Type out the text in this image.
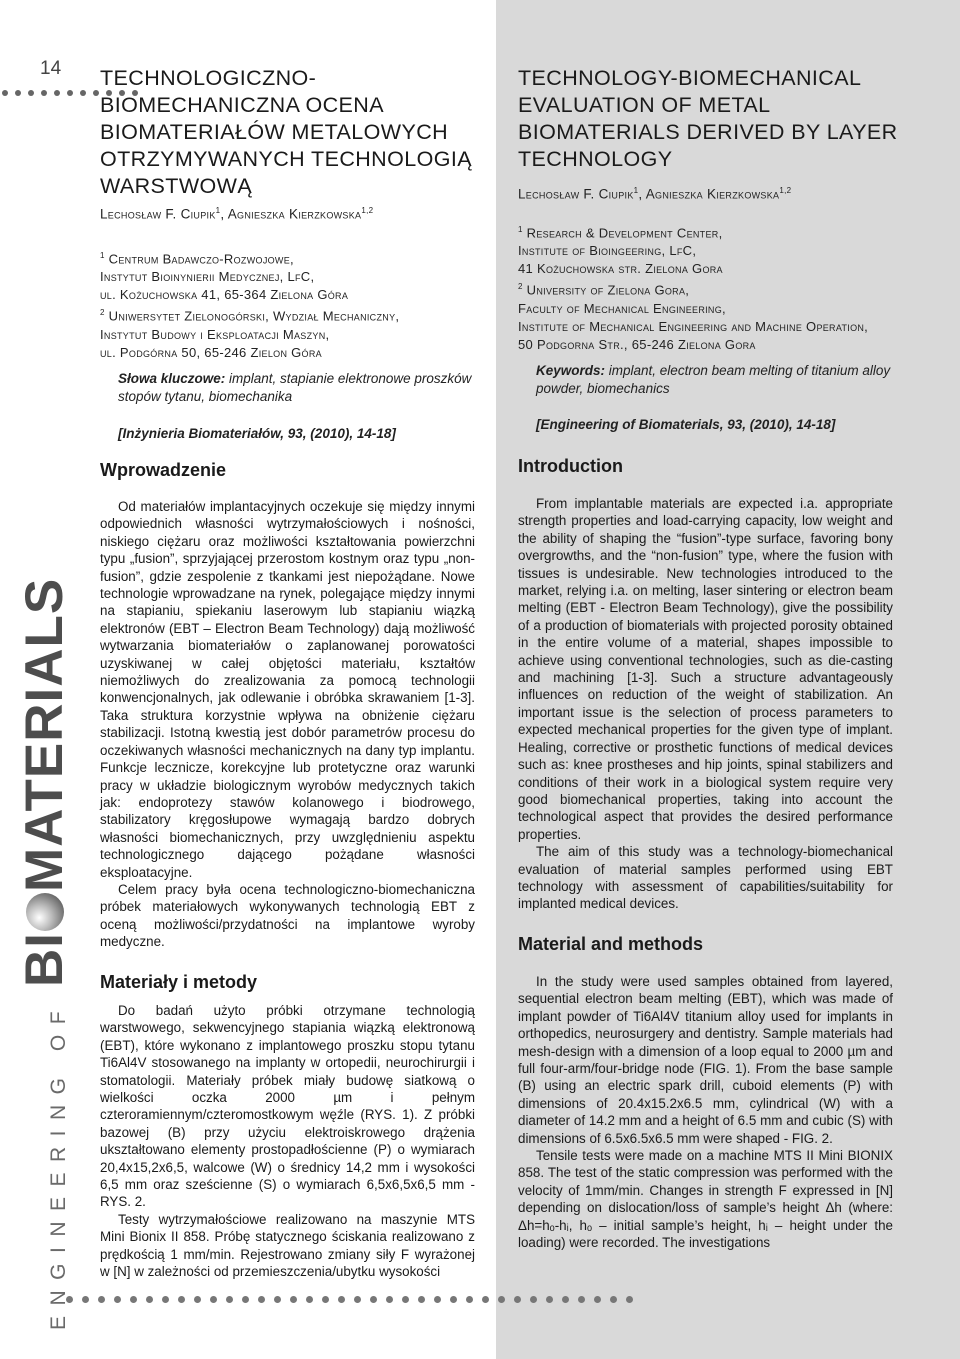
14
ENGINEERING OF
BI
MATERIALS
TECHNOLOGICZNO-BIOMECHANICZNA OCENA BIOMATERIAŁÓW METALOWYCH OTRZYMYWANYCH TECHNOLOGIĄ WARSTWOWĄ
Lechosław F. Ciupik$^1$, Agnieszka Kierzkowska$^{1,2}$
$^1$ Centrum Badawczo-Rozwojowe,
Instytut Bioinynierii Medycznej, LfC,
ul. Kożuchowska 41, 65-364 Zielona Góra
$^2$ Uniwersytet Zielonogórski, Wydział Mechaniczny,
Instytut Budowy i Eksploatacji Maszyn,
ul. Podgórna 50, 65-246 Zielon Góra
Słowa kluczowe: implant, stapianie elektronowe proszków stopów tytanu, biomechanika
[Inżynieria Biomateriałów, 93, (2010), 14-18]
Wprowadzenie

Od materiałów implantacyjnych oczekuje się między innymi odpowiednich własności wytrzymałościowych i nośności, niskiego ciężaru oraz możliwości kształtowania powierzchni typu „fusion”, sprzyjającej przerostom kostnym oraz typu „non-fusion”, gdzie zespolenie z tkankami jest niepożądane. Nowe technologie wprowadzane na rynek, polegające między innymi na stapianiu, spiekaniu laserowym lub stapianiu wiązką elektronów (EBT – Electron Beam Technology) dają możliwość wytwarzania biomateriałów o zaplanowanej porowatości uzyskiwanej w całej objętości materiału, kształtów niemożliwych do zrealizowania za pomocą technologii konwencjonalnych, jak odlewanie i obróbka skrawaniem [1-3]. Taka struktura korzystnie wpływa na obniżenie ciężaru stabilizacji. Istotną kwestią jest dobór parametrów procesu do oczekiwanych własności mechanicznych na dany typ implantu. Funkcje lecznicze, korekcyjne lub protetyczne oraz warunki pracy w układzie biologicznym wyrobów medycznych takich jak: endoprotezy stawów kolanowego i biodrowego, stabilizatory kręgosłupowe wymagają bardzo dobrych własności biomechanicznych, przy uwzględnieniu aspektu technologicznego dającego pożądane własności eksploatacyjne.

Celem pracy była ocena technologiczno-biomechaniczna próbek materiałowych wykonywanych technologią EBT z oceną możliwości/przydatności na implantowe wyroby medyczne.

Materiały i metody

Do badań użyto próbki otrzymane technologią warstwowego, sekwencyjnego stapiania wiązką elektronową (EBT), które wykonano z implantowego proszku stopu tytanu Ti6Al4V stosowanego na implanty w ortopedii, neurochirurgii i stomatologii. Materiały próbek miały budowę siatkową o wielkości oczka 2000 µm i pełnym czteroramiennym/czteromostkowym węźle (RYS. 1). Z próbki bazowej (B) przy użyciu elektroiskrowego drążenia ukształtowano elementy prostopadłościenne (P) o wymiarach 20,4x15,2x6,5, walcowe (W) o średnicy 14,2 mm i wysokości 6,5 mm oraz sześcienne (S) o wymiarach 6,5x6,5x6,5 mm - RYS. 2.

Testy wytrzymałościowe realizowano na maszynie MTS Mini Bionix II 858. Próbę statycznego ściskania realizowano z prędkością 1 mm/min. Rejestrowano zmiany siły F wyrażonej w [N] w zależności od przemieszczenia/ubytku wysokości

TECHNOLOGY-BIOMECHANICAL EVALUATION OF METAL BIOMATERIALS DERIVED BY LAYER TECHNOLOGY
Lechosław F. Ciupik$^1$, Agnieszka Kierzkowska$^{1,2}$
$^1$ Research & Development Center,
Institute of Bioingeering, LfC,
41 Kożuchowska str. Zielona Gora
$^2$ University of Zielona Gora,
Faculty of Mechanical Engineering,
Institute of Mechanical Engineering and Machine Operation,
50 Podgorna Str., 65-246 Zielona Gora
Keywords: implant, electron beam melting of titanium alloy powder, biomechanics
[Engineering of Biomaterials, 93, (2010), 14-18]
Introduction

From implantable materials are expected i.a. appropriate strength properties and load-carrying capacity, low weight and the ability of shaping the “fusion”-type surface, favoring bony overgrowths, and the “non-fusion” type, where the fusion with tissues is undesirable. New technologies introduced to the market, relying i.a. on melting, laser sintering or electron beam melting (EBT - Electron Beam Technology), give the possibility of a production of biomaterials with projected porosity obtained in the entire volume of a material, shapes impossible to achieve using conventional technologies, such as die-casting and machining [1-3]. Such a structure advantageously influences on reduction of the weight of stabilization. An important issue is the selection of process parameters to expected mechanical properties for the given type of implant. Healing, corrective or prosthetic functions of medical devices such as: knee prostheses and hip joints, spinal stabilizers and conditions of their work in a biological system require very good biomechanical properties, taking into account the technological aspect that provides the desired performance properties.

The aim of this study was a technology-biomechanical evaluation of material samples performed using EBT technology with assessment of capabilities/suitability for implanted medical devices.

Material and methods

In the study were used samples obtained from layered, sequential electron beam melting (EBT), which was made of implant powder of Ti6Al4V titanium alloy used for implants in orthopedics, neurosurgery and dentistry. Sample materials had mesh-design with a dimension of a loop equal to 2000 µm and full four-arm/four-bridge node (FIG. 1). From the base sample (B) using an electric spark drill, cuboid elements (P) with dimensions of 20.4x15.2x6.5 mm, cylindrical (W) with a diameter of 14.2 mm and a height of 6.5 mm and cubic (S) with dimensions of 6.5x6.5x6.5 mm were shaped - FIG. 2.

Tensile tests were made on a machine MTS II Mini BIONIX 858. The test of the static compression was performed with the velocity of 1mm/min. Changes in strength F expressed in [N] depending on dislocation/loss of sample’s height Δh (where: Δh=hₒ-hᵢ, hₒ – initial sample’s height, hᵢ – height under the loading) were recorded. The investigations
